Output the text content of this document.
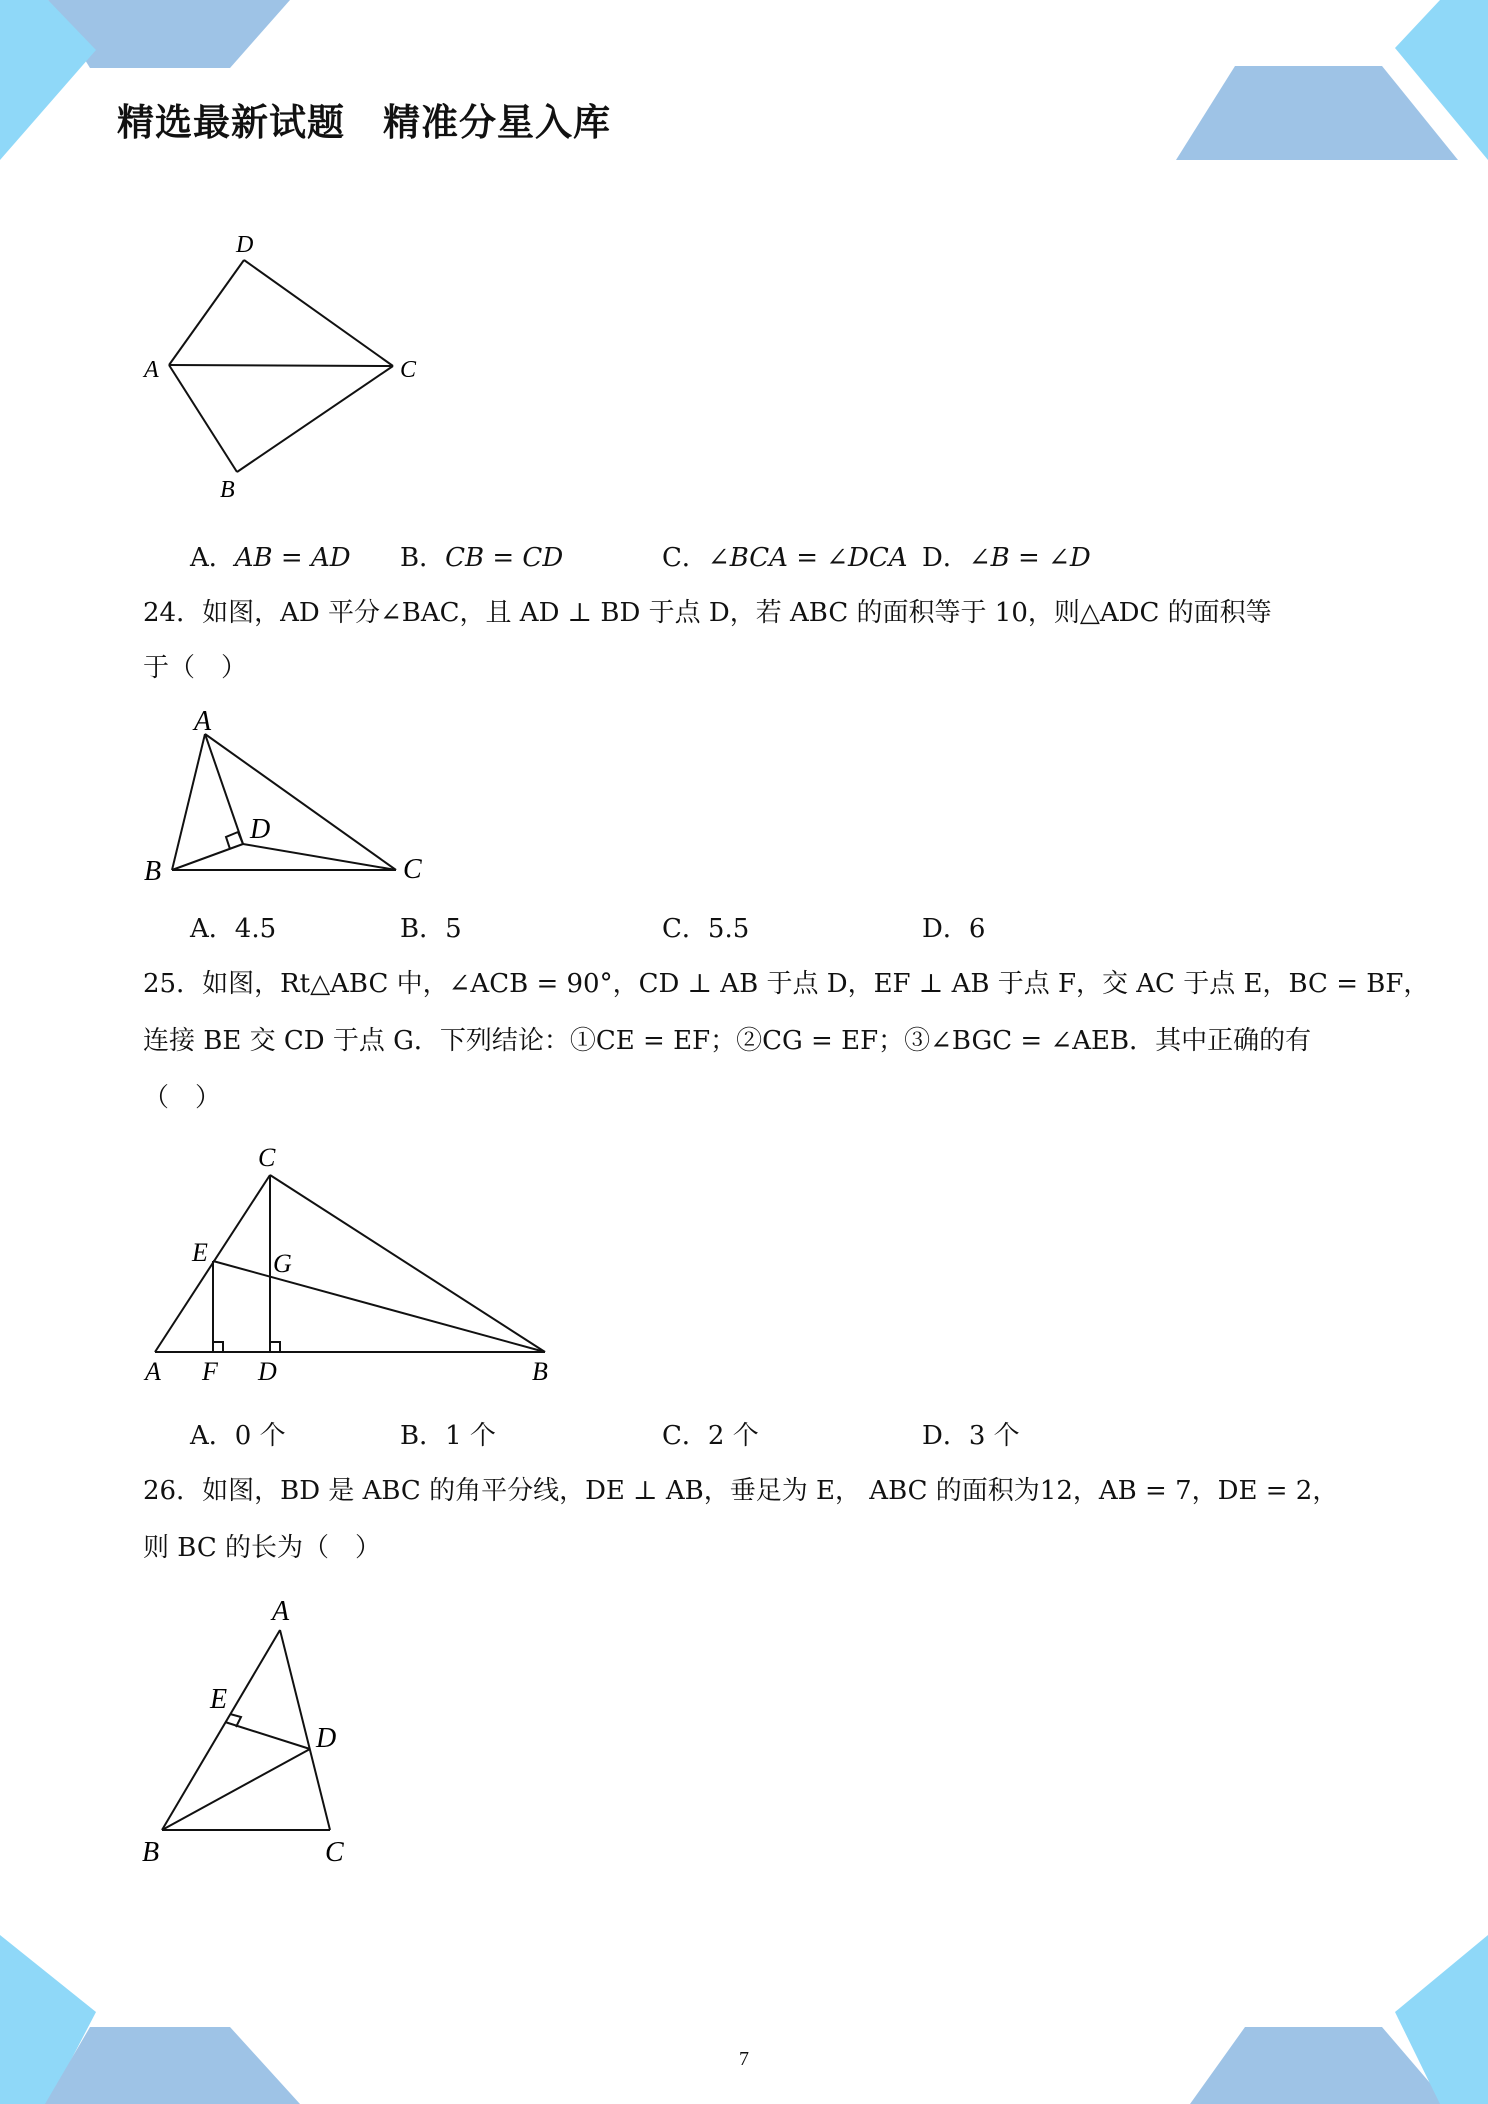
精选最新试题　精准分星入库
D
A	C
B
A．AB = AD B．CB = CD	C．∠BCA = ∠DCA D．∠B = ∠D
24．如图，AD 平分∠BAC，且 AD ⊥ BD 于点 D，若 ABC 的面积等于 10，则△ADC 的面积等
于（　）
A
D
B	C
A．4.5	B．5	C．5.5	D．6
25．如图，Rt△ABC 中，∠ACB = 90°，CD ⊥ AB 于点 D，EF ⊥ AB 于点 F，交 AC 于点 E，BC = BF，
连接 BE 交 CD 于点 G．下列结论：①CE = EF；②CG = EF；③∠BGC = ∠AEB．其中正确的有
（　）
C
E	G
A F D	B
A．0 个	B．1 个	C．2 个	D．3 个
26．如图，BD 是 ABC 的角平分线，DE ⊥ AB，垂足为 E， ABC 的面积为12，AB = 7，DE = 2，
则 BC 的长为（　）
A
E
D
B	C
7
